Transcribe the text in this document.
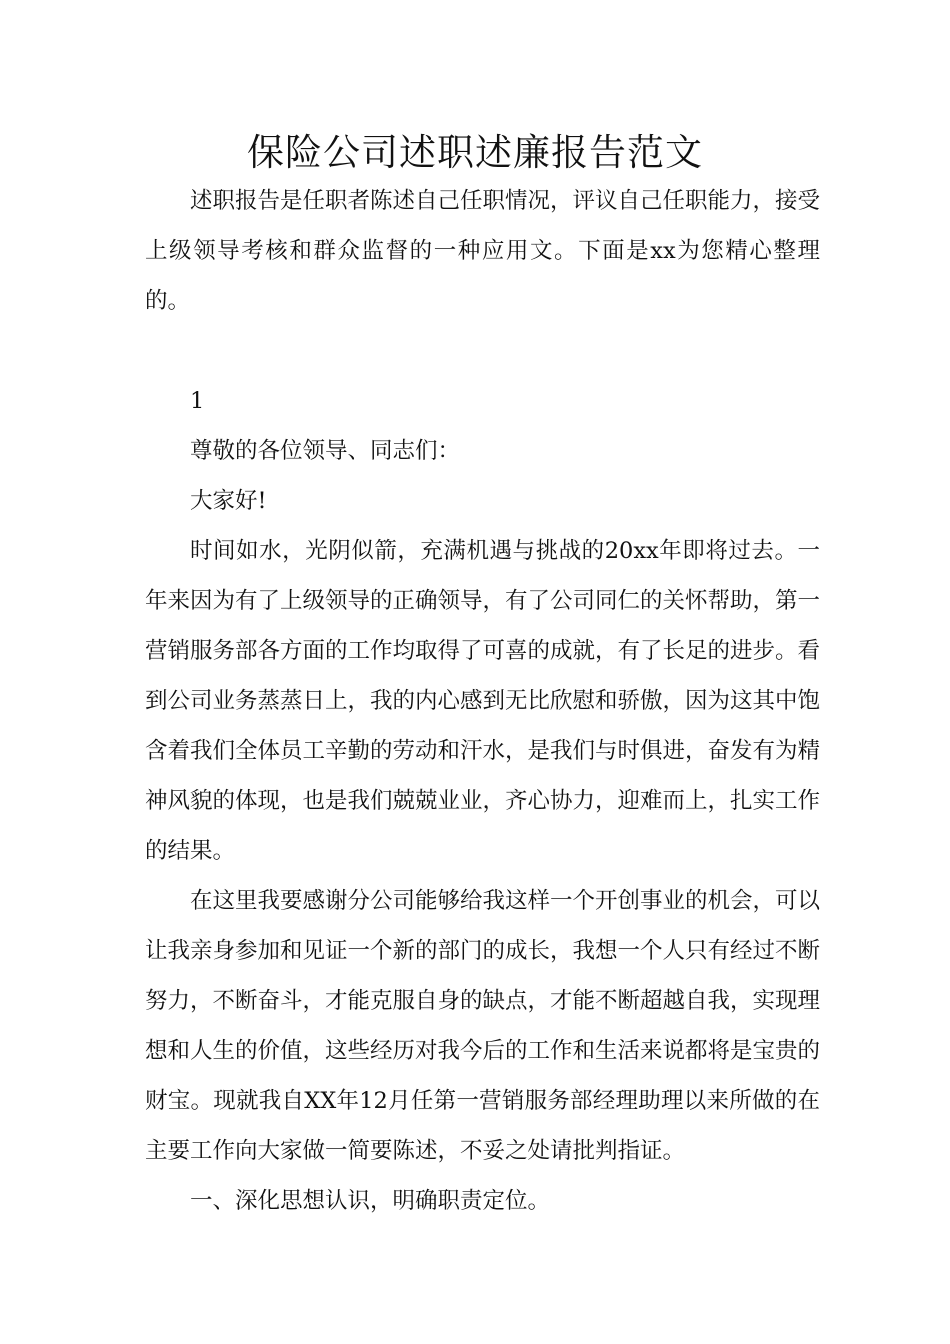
保险公司述职述廉报告范文

述职报告是任职者陈述自己任职情况，评议自己任职能力，接受上级领导考核和群众监督的一种应用文。下面是xx为您精心整理的。

1

尊敬的各位领导、同志们：

大家好!

时间如水，光阴似箭，充满机遇与挑战的20xx年即将过去。一年来因为有了上级领导的正确领导，有了公司同仁的关怀帮助，第一营销服务部各方面的工作均取得了可喜的成就，有了长足的进步。看到公司业务蒸蒸日上，我的内心感到无比欣慰和骄傲，因为这其中饱含着我们全体员工辛勤的劳动和汗水，是我们与时俱进，奋发有为精神风貌的体现，也是我们兢兢业业，齐心协力，迎难而上，扎实工作的结果。

在这里我要感谢分公司能够给我这样一个开创事业的机会，可以让我亲身参加和见证一个新的部门的成长，我想一个人只有经过不断努力，不断奋斗，才能克服自身的缺点，才能不断超越自我，实现理想和人生的价值，这些经历对我今后的工作和生活来说都将是宝贵的财宝。现就我自XX年12月任第一营销服务部经理助理以来所做的在主要工作向大家做一简要陈述，不妥之处请批判指证。

一、深化思想认识，明确职责定位。
